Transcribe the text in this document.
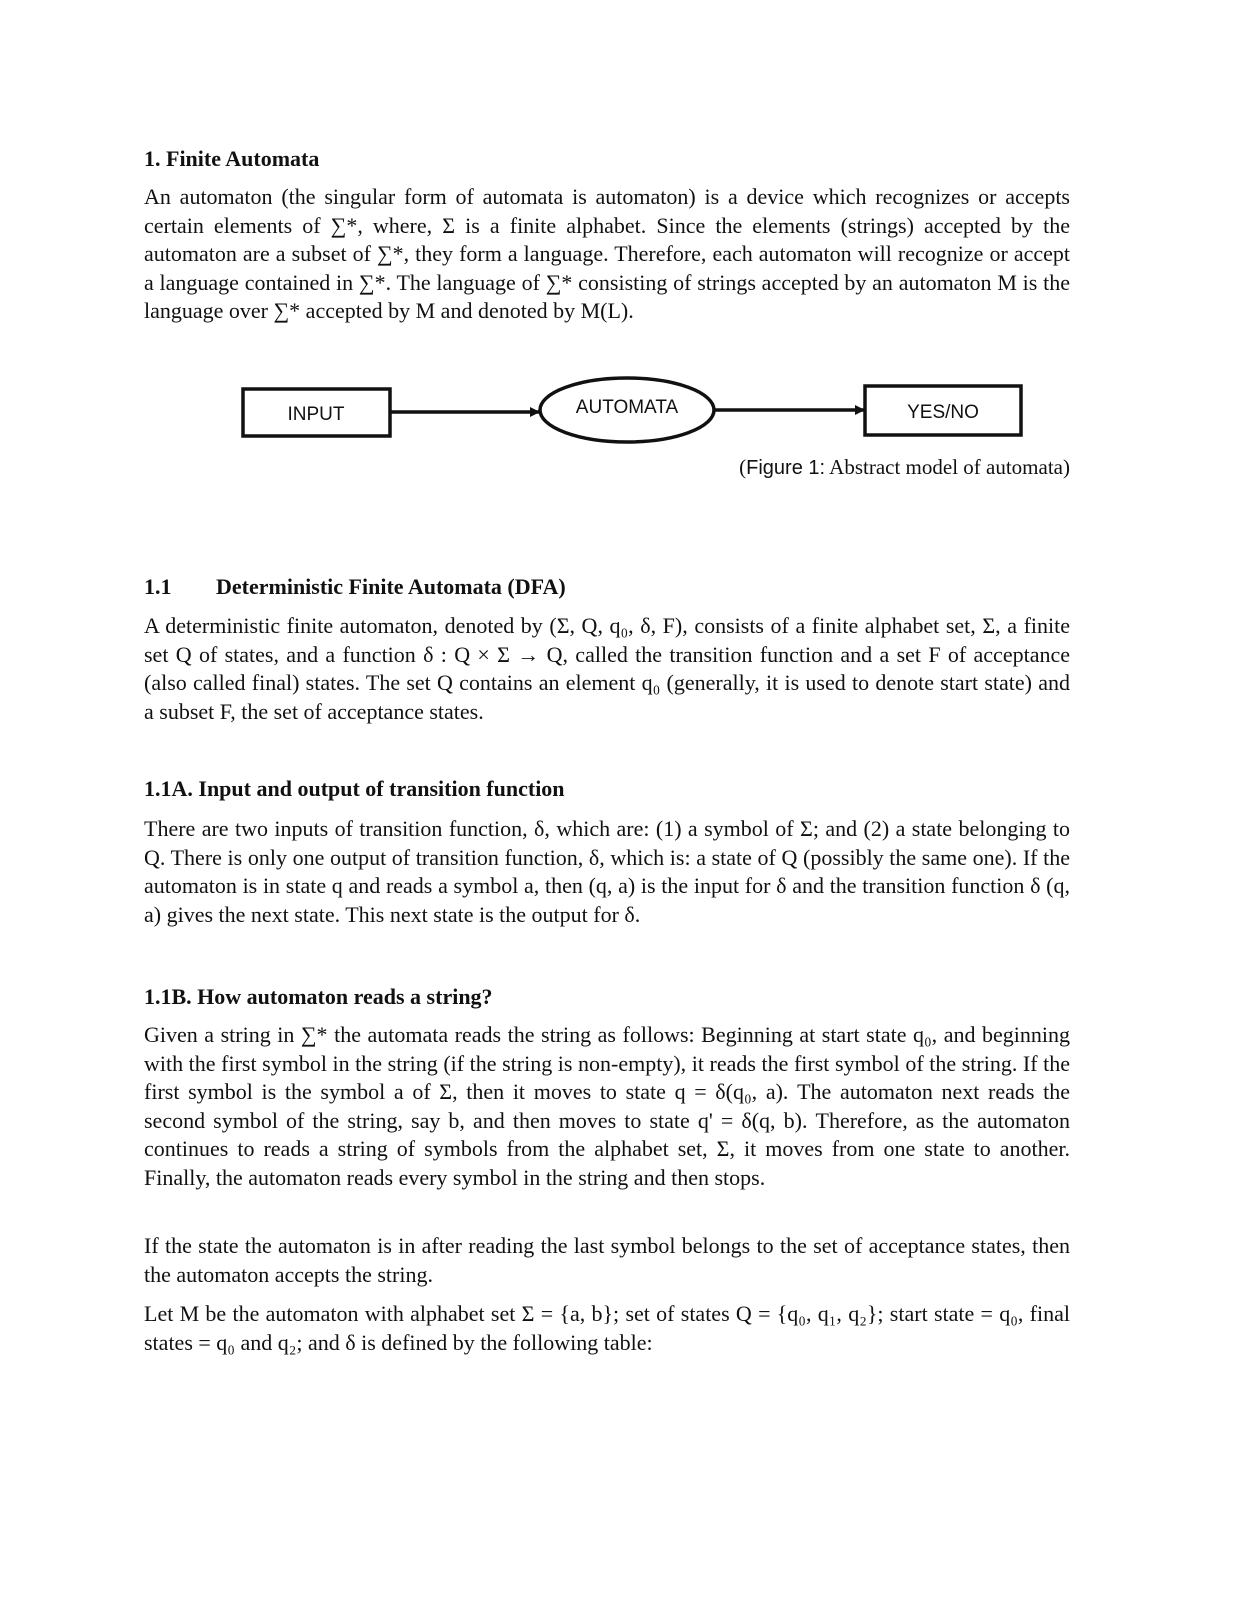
1. Finite Automata

An automaton (the singular form of automata is automaton) is a device which recognizes or accepts certain elements of ∑*, where, Σ is a finite alphabet. Since the elements (strings) accepted by the automaton are a subset of ∑*, they form a language. Therefore, each automaton will recognize or accept a language contained in ∑*. The language of ∑* consisting of strings accepted by an automaton M is the language over ∑* accepted by M and denoted by M(L).

INPUT	AUTOMATA	YES/NO
(Figure 1: Abstract model of automata)
1.1 Deterministic Finite Automata (DFA)

A deterministic finite automaton, denoted by (Σ, Q, q₀, δ, F), consists of a finite alphabet set, Σ, a finite set Q of states, and a function δ : Q × Σ → Q, called the transition function and a set F of acceptance (also called final) states. The set Q contains an element q₀ (generally, it is used to denote start state) and a subset F, the set of acceptance states.

1.1A. Input and output of transition function

There are two inputs of transition function, δ, which are: (1) a symbol of Σ; and (2) a state belonging to Q. There is only one output of transition function, δ, which is: a state of Q (possibly the same one). If the automaton is in state q and reads a symbol a, then (q, a) is the input for δ and the transition function δ (q, a) gives the next state. This next state is the output for δ.

1.1B. How automaton reads a string?

Given a string in ∑* the automata reads the string as follows: Beginning at start state q₀, and beginning with the first symbol in the string (if the string is non-empty), it reads the first symbol of the string. If the first symbol is the symbol a of Σ, then it moves to state q = δ(q₀, a). The automaton next reads the second symbol of the string, say b, and then moves to state q' = δ(q, b). Therefore, as the automaton continues to reads a string of symbols from the alphabet set, Σ, it moves from one state to another. Finally, the automaton reads every symbol in the string and then stops.

If the state the automaton is in after reading the last symbol belongs to the set of acceptance states, then the automaton accepts the string.

Let M be the automaton with alphabet set Σ = {a, b}; set of states Q = {q₀, q₁, q₂}; start state = q₀, final states = q₀ and q₂; and δ is defined by the following table:
